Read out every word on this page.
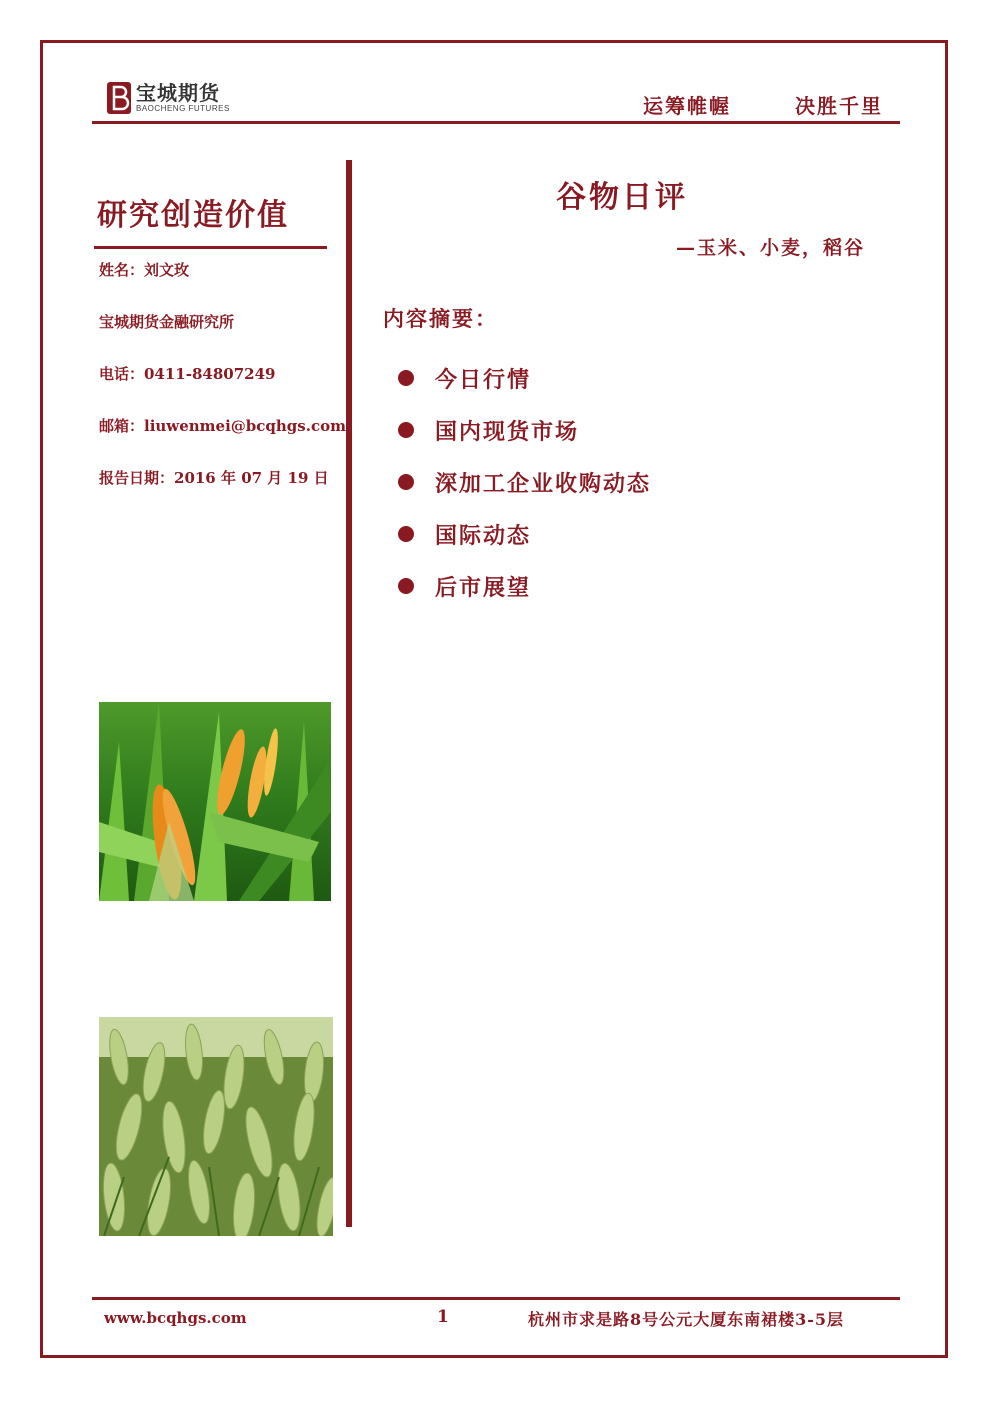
宝城期货
BAOCHENG FUTURES	运筹帷幄	决胜千里
研究创造价值
姓名：刘文玫
宝城期货金融研究所
电话：0411-84807249
邮箱：liuwenmei@bcqhgs.com
报告日期：2016 年 07 月 19 日
谷物日评
—玉米、小麦，稻谷
内容摘要：
今日行情
国内现货市场
深加工企业收购动态
国际动态
后市展望
www.bcqhgs.com	1	杭州市求是路8号公元大厦东南裙楼3-5层
